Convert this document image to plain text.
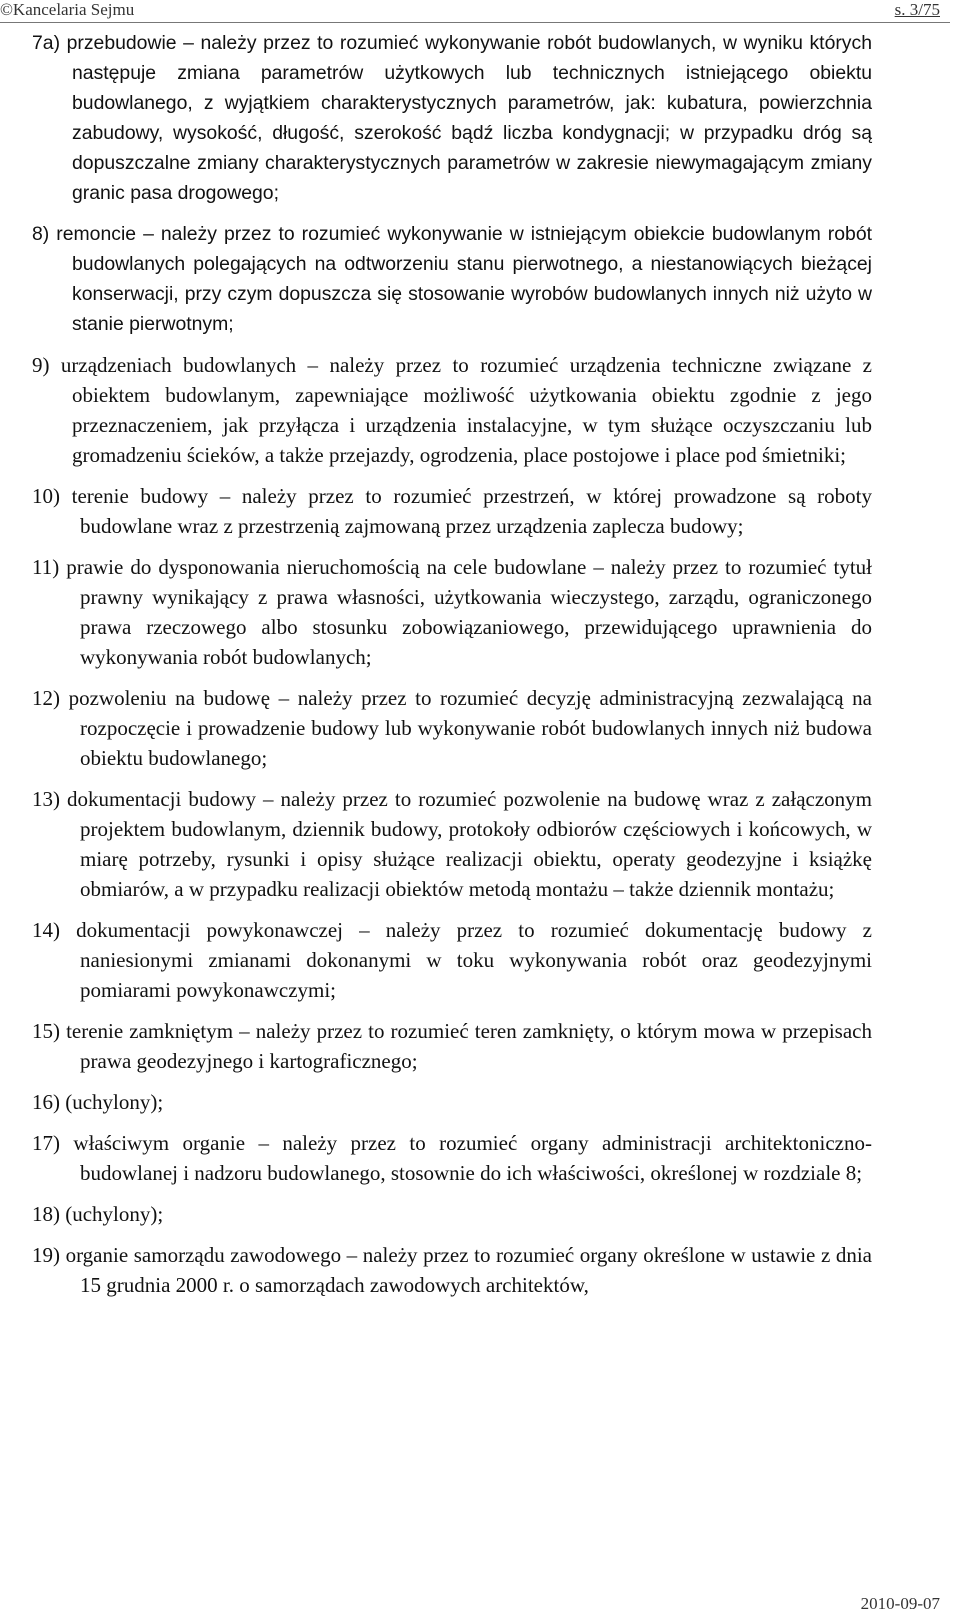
©Kancelaria Sejmu	s. 3/75

7a) przebudowie – należy przez to rozumieć wykonywanie robót budowlanych, w wyniku których następuje zmiana parametrów użytkowych lub technicznych istniejącego obiektu budowlanego, z wyjątkiem charakterystycznych parametrów, jak: kubatura, powierzchnia zabudowy, wysokość, długość, szerokość bądź liczba kondygnacji; w przypadku dróg są dopuszczalne zmiany charakterystycznych parametrów w zakresie niewymagającym zmiany granic pasa drogowego;

8) remoncie – należy przez to rozumieć wykonywanie w istniejącym obiekcie budowlanym robót budowlanych polegających na odtworzeniu stanu pierwotnego, a niestanowiących bieżącej konserwacji, przy czym dopuszcza się stosowanie wyrobów budowlanych innych niż użyto w stanie pierwotnym;

9) urządzeniach budowlanych – należy przez to rozumieć urządzenia techniczne związane z obiektem budowlanym, zapewniające możliwość użytkowania obiektu zgodnie z jego przeznaczeniem, jak przyłącza i urządzenia instalacyjne, w tym służące oczyszczaniu lub gromadzeniu ścieków, a także przejazdy, ogrodzenia, place postojowe i place pod śmietniki;

10) terenie budowy – należy przez to rozumieć przestrzeń, w której prowadzone są roboty budowlane wraz z przestrzenią zajmowaną przez urządzenia zaplecza budowy;

11) prawie do dysponowania nieruchomością na cele budowlane – należy przez to rozumieć tytuł prawny wynikający z prawa własności, użytkowania wieczystego, zarządu, ograniczonego prawa rzeczowego albo stosunku zobowiązaniowego, przewidującego uprawnienia do wykonywania robót budowlanych;

12) pozwoleniu na budowę – należy przez to rozumieć decyzję administracyjną zezwalającą na rozpoczęcie i prowadzenie budowy lub wykonywanie robót budowlanych innych niż budowa obiektu budowlanego;

13) dokumentacji budowy – należy przez to rozumieć pozwolenie na budowę wraz z załączonym projektem budowlanym, dziennik budowy, protokoły odbiorów częściowych i końcowych, w miarę potrzeby, rysunki i opisy służące realizacji obiektu, operaty geodezyjne i książkę obmiarów, a w przypadku realizacji obiektów metodą montażu – także dziennik montażu;

14) dokumentacji powykonawczej – należy przez to rozumieć dokumentację budowy z naniesionymi zmianami dokonanymi w toku wykonywania robót oraz geodezyjnymi pomiarami powykonawczymi;

15) terenie zamkniętym – należy przez to rozumieć teren zamknięty, o którym mowa w przepisach prawa geodezyjnego i kartograficznego;

16) (uchylony);

17) właściwym organie – należy przez to rozumieć organy administracji architektoniczno-budowlanej i nadzoru budowlanego, stosownie do ich właściwości, określonej w rozdziale 8;

18) (uchylony);

19) organie samorządu zawodowego – należy przez to rozumieć organy określone w ustawie z dnia 15 grudnia 2000 r. o samorządach zawodowych architektów,

2010-09-07
